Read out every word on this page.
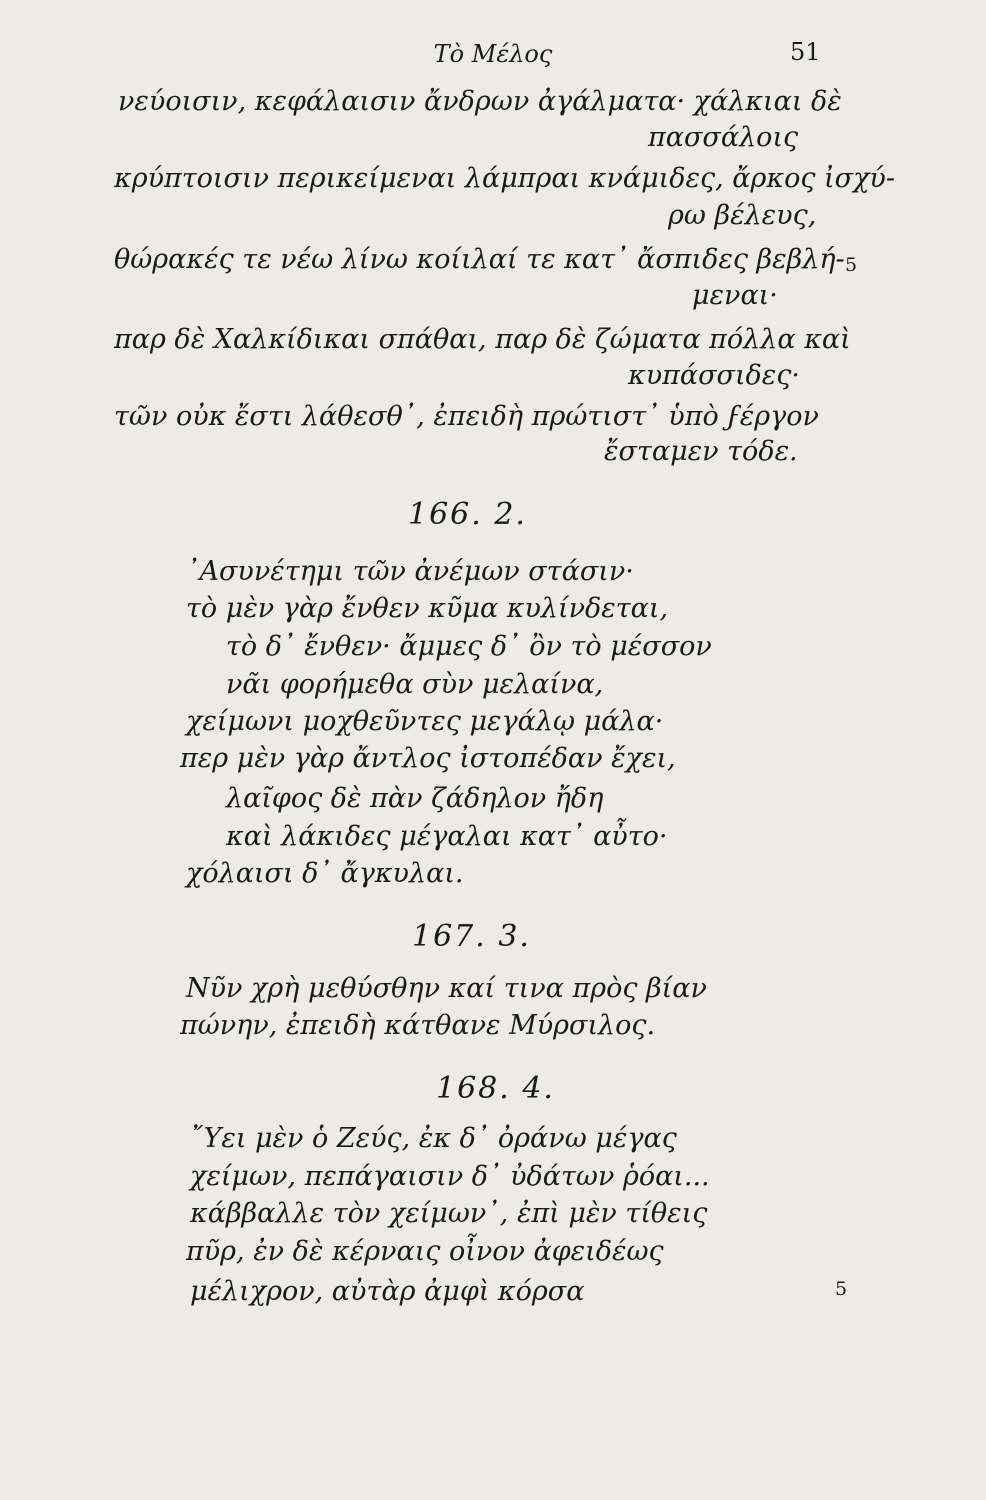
Τὸ Μέλος	51
νεύοισιν, κεφάλαισιν ἄνδρων ἀγάλματα· χάλκιαι δὲ
πασσάλοις
κρύπτοισιν περικείμεναι λάμπραι κνάμιδες, ἄρκος ἰσχύ-
ρω βέλευς,
θώρακές τε νέω λίνω κοίιλαί τε κατ᾽ ἄσπιδες βεβλή-
μεναι·
παρ δὲ Χαλκίδικαι σπάθαι, παρ δὲ ζώματα πόλλα καὶ
κυπάσσιδες·
τῶν οὐκ ἔστι λάθεσθ᾽, ἐπειδὴ πρώτιστ᾽ ὑπὸ ϝέργον
ἔσταμεν τόδε.
5
166. 2.
᾽Ασυνέτημι τῶν ἀνέμων στάσιν·
τὸ μὲν γὰρ ἔνθεν κῦμα κυλίνδεται,
τὸ δ᾽ ἔνθεν· ἄμμες δ᾽ ὂν τὸ μέσσον
νᾶι φορήμεθα σὺν μελαίνα,
χείμωνι μοχθεῦντες μεγάλῳ μάλα·
περ μὲν γὰρ ἄντλος ἰστοπέδαν ἔχει,
λαῖφος δὲ πὰν ζάδηλον ἤδη
καὶ λάκιδες μέγαλαι κατ᾽ αὖτο·
χόλαισι δ᾽ ἄγκυλαι.
167. 3.
Νῦν χρὴ μεθύσθην καί τινα πρὸς βίαν
πώνην, ἐπειδὴ κάτθανε Μύρσιλος.
168. 4.
῎Υει μὲν ὁ Ζεύς, ἐκ δ᾽ ὀράνω μέγας
χείμων, πεπάγαισιν δ᾽ ὐδάτων ῥόαι...
κάββαλλε τὸν χείμων᾽, ἐπὶ μὲν τίθεις
πῦρ, ἐν δὲ κέρναις οἶνον ἀφειδέως
μέλιχρον, αὐτὰρ ἀμφὶ κόρσα	5
